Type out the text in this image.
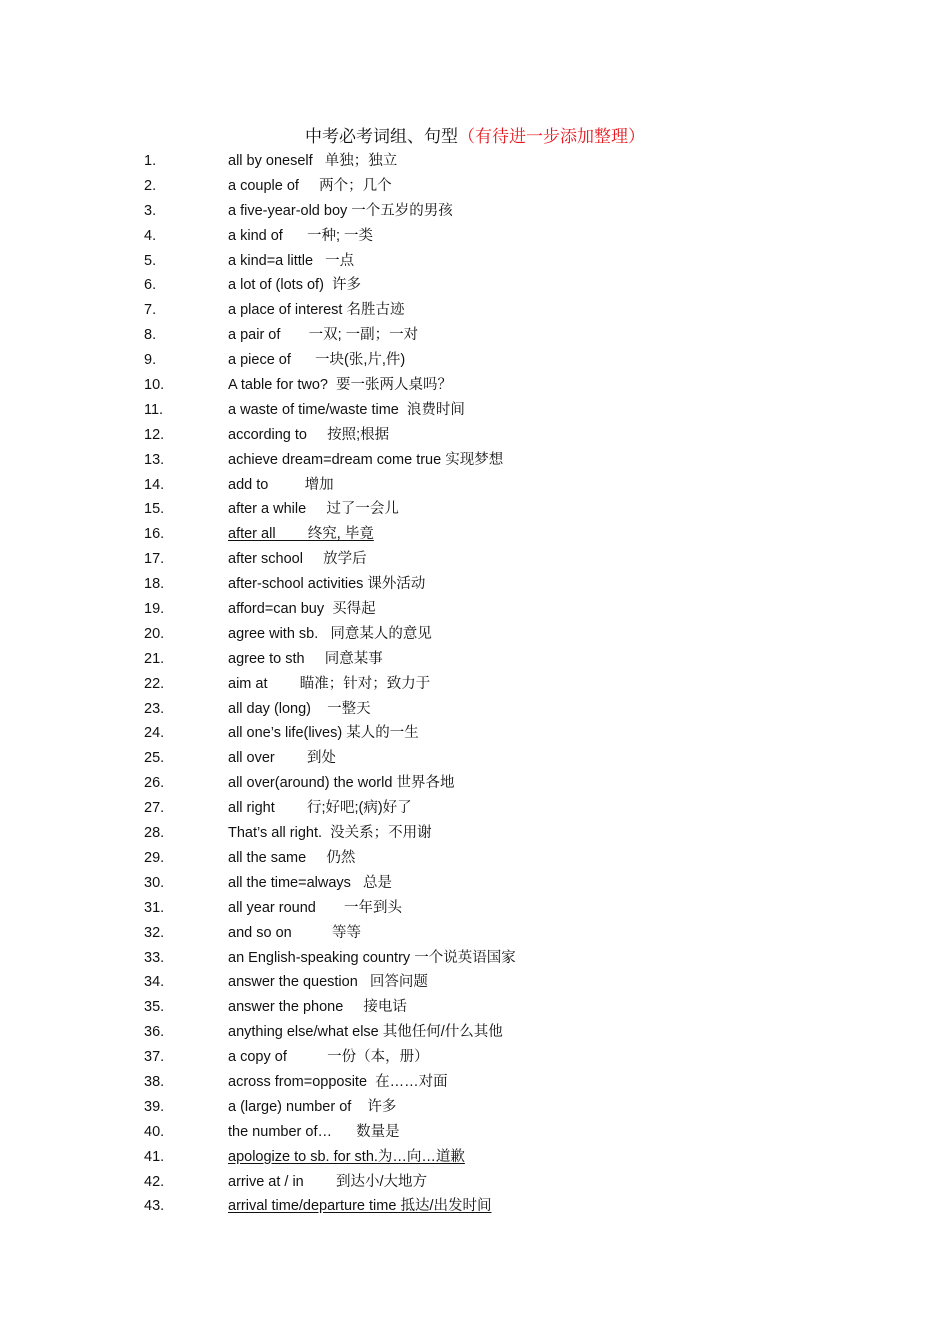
中考必考词组、句型（有待进一步添加整理）
1.	all by oneself   单独；独立
2.	a couple of     两个；几个
3.	a five-year-old boy 一个五岁的男孩
4.	a kind of      一种; 一类
5.	a kind=a little   一点
6.	a lot of (lots of)  许多
7.	a place of interest 名胜古迹
8.	a pair of       一双; 一副；一对
9.	a piece of      一块(张,片,件)
10.	A table for two?  要一张两人桌吗？
11.	a waste of time/waste time  浪费时间
12.	according to     按照;根据
13.	achieve dream=dream come true 实现梦想
14.	add to         增加
15.	after a while     过了一会儿
16.	after all        终究, 毕竟
17.	after school     放学后
18.	after-school activities 课外活动
19.	afford=can buy  买得起
20.	agree with sb.   同意某人的意见
21.	agree to sth     同意某事
22.	aim at        瞄准；针对；致力于
23.	all day (long)    一整天
24.	all one’s life(lives) 某人的一生
25.	all over        到处
26.	all over(around) the world 世界各地
27.	all right        行;好吧;(病)好了
28.	That’s all right.  没关系；不用谢
29.	all the same     仍然
30.	all the time=always   总是
31.	all year round       一年到头
32.	and so on          等等
33.	an English-speaking country 一个说英语国家
34.	answer the question   回答问题
35.	answer the phone     接电话
36.	anything else/what else 其他任何/什么其他
37.	a copy of          一份（本，册）
38.	across from=opposite  在……对面
39.	a (large) number of    许多
40.	the number of…      数量是
41.	apologize to sb. for sth.为…向…道歉
42.	arrive at / in        到达小/大地方
43.	arrival time/departure time 抵达/出发时间
